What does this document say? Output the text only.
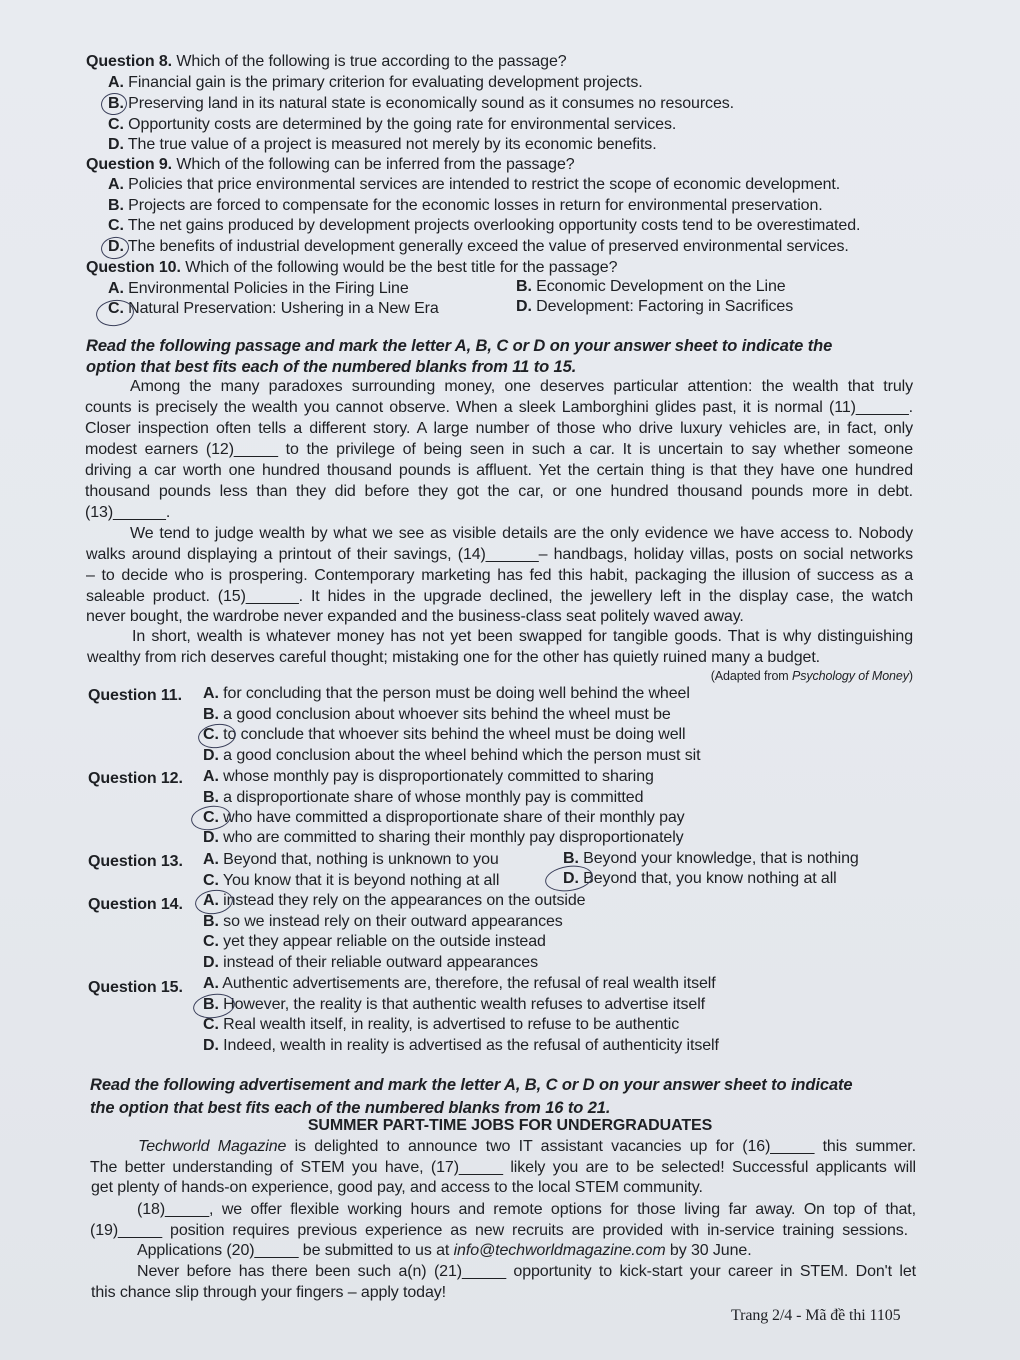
Question 8. Which of the following is true according to the passage?
A. Financial gain is the primary criterion for evaluating development projects.
B. Preserving land in its natural state is economically sound as it consumes no resources.
C. Opportunity costs are determined by the going rate for environmental services.
D. The true value of a project is measured not merely by its economic benefits.
Question 9. Which of the following can be inferred from the passage?
A. Policies that price environmental services are intended to restrict the scope of economic development.
B. Projects are forced to compensate for the economic losses in return for environmental preservation.
C. The net gains produced by development projects overlooking opportunity costs tend to be overestimated.
D. The benefits of industrial development generally exceed the value of preserved environmental services.
Question 10. Which of the following would be the best title for the passage?
A. Environmental Policies in the Firing Line	B. Economic Development on the Line
C. Natural Preservation: Ushering in a New Era	D. Development: Factoring in Sacrifices
Read the following passage and mark the letter A, B, C or D on your answer sheet to indicate the
option that best fits each of the numbered blanks from 11 to 15.
Among the many paradoxes surrounding money, one deserves particular attention: the wealth that truly
counts is precisely the wealth you cannot observe. When a sleek Lamborghini glides past, it is normal (11)______.
Closer inspection often tells a different story. A large number of those who drive luxury vehicles are, in fact, only
modest earners (12)_____ to the privilege of being seen in such a car. It is uncertain to say whether someone
driving a car worth one hundred thousand pounds is affluent. Yet the certain thing is that they have one hundred
thousand pounds less than they did before they got the car, or one hundred thousand pounds more in debt.
(13)______.
We tend to judge wealth by what we see as visible details are the only evidence we have access to. Nobody
walks around displaying a printout of their savings, (14)______– handbags, holiday villas, posts on social networks
– to decide who is prospering. Contemporary marketing has fed this habit, packaging the illusion of success as a
saleable product. (15)______. It hides in the upgrade declined, the jewellery left in the display case, the watch
never bought, the wardrobe never expanded and the business-class seat politely waved away.
In short, wealth is whatever money has not yet been swapped for tangible goods. That is why distinguishing
wealthy from rich deserves careful thought; mistaking one for the other has quietly ruined many a budget.
(Adapted from Psychology of Money)
Question 11.	A. for concluding that the person must be doing well behind the wheel
B. a good conclusion about whoever sits behind the wheel must be
C. to conclude that whoever sits behind the wheel must be doing well
D. a good conclusion about the wheel behind which the person must sit
Question 12.	A. whose monthly pay is disproportionately committed to sharing
B. a disproportionate share of whose monthly pay is committed
C. who have committed a disproportionate share of their monthly pay
D. who are committed to sharing their monthly pay disproportionately
Question 13.	A. Beyond that, nothing is unknown to you	B. Beyond your knowledge, that is nothing
C. You know that it is beyond nothing at all	D. Beyond that, you know nothing at all
Question 14.	A. instead they rely on the appearances on the outside
B. so we instead rely on their outward appearances
C. yet they appear reliable on the outside instead
D. instead of their reliable outward appearances
Question 15.	A. Authentic advertisements are, therefore, the refusal of real wealth itself
B. However, the reality is that authentic wealth refuses to advertise itself
C. Real wealth itself, in reality, is advertised to refuse to be authentic
D. Indeed, wealth in reality is advertised as the refusal of authenticity itself
Read the following advertisement and mark the letter A, B, C or D on your answer sheet to indicate
the option that best fits each of the numbered blanks from 16 to 21.
SUMMER PART-TIME JOBS FOR UNDERGRADUATES
Techworld Magazine is delighted to announce two IT assistant vacancies up for (16)_____ this summer.
The better understanding of STEM you have, (17)_____ likely you are to be selected! Successful applicants will
get plenty of hands-on experience, good pay, and access to the local STEM community.
(18)_____, we offer flexible working hours and remote options for those living far away. On top of that,
(19)_____ position requires previous experience as new recruits are provided with in-service training sessions.
Applications (20)_____ be submitted to us at info@techworldmagazine.com by 30 June.
Never before has there been such a(n) (21)_____ opportunity to kick-start your career in STEM. Don't let
this chance slip through your fingers – apply today!
Trang 2/4 - Mã đề thi 1105
